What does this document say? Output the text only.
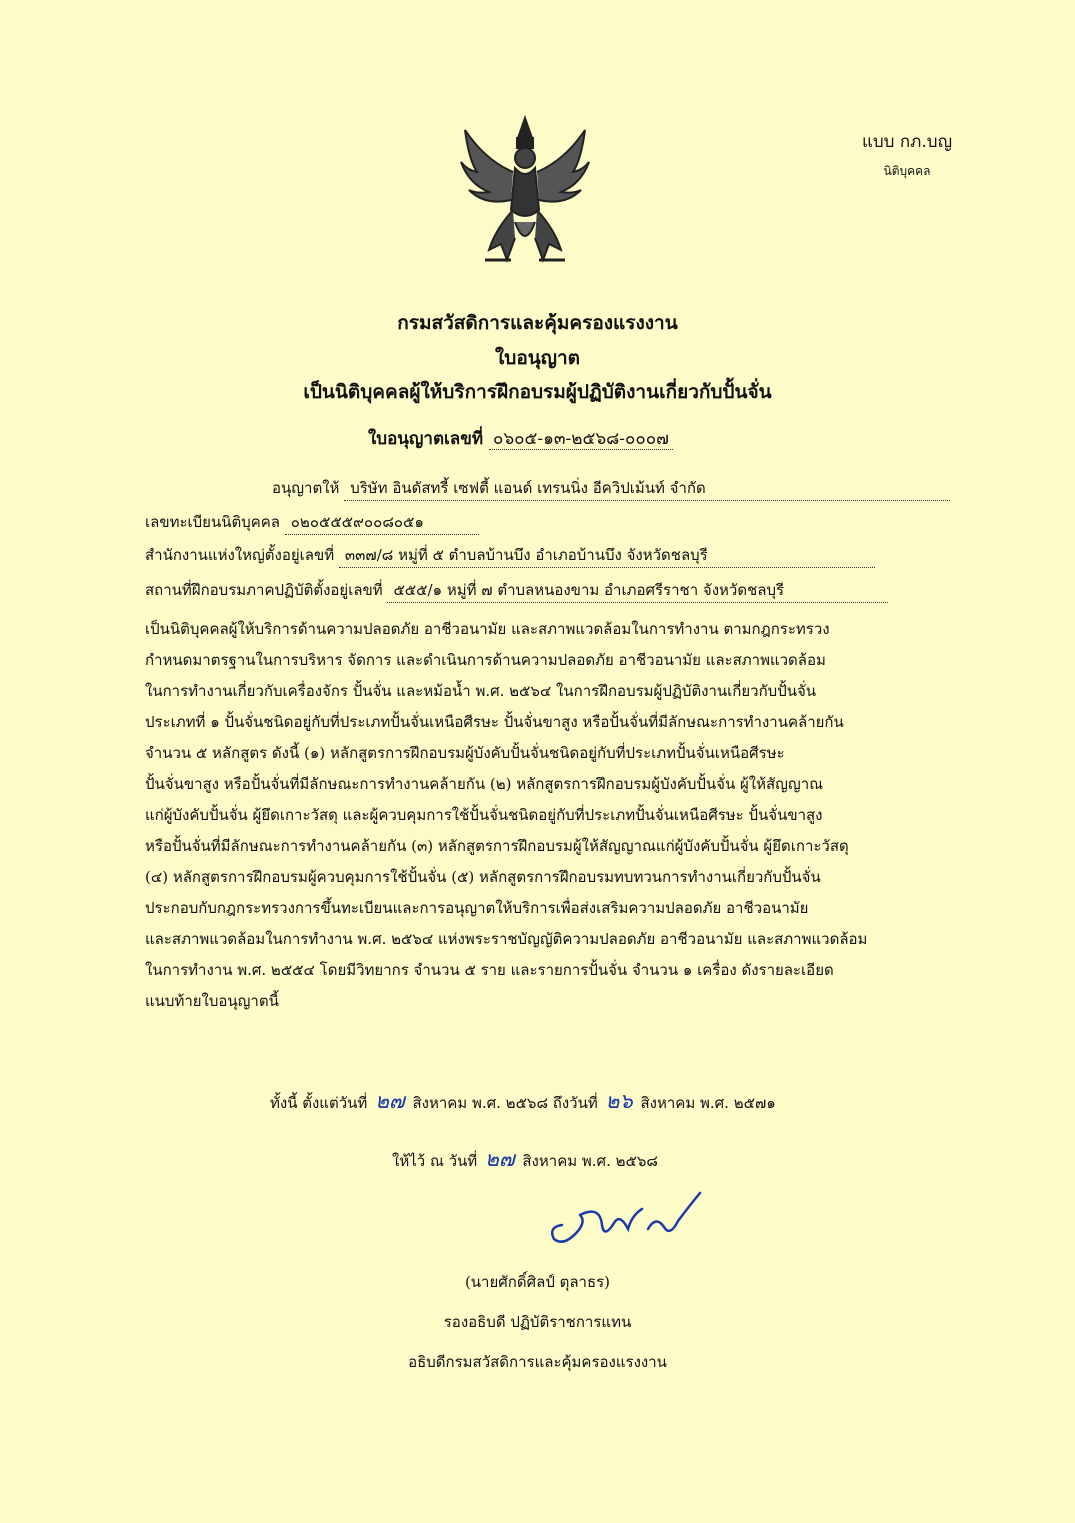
แบบ กภ.บญ
นิติบุคคล
กรมสวัสดิการและคุ้มครองแรงงาน
ใบอนุญาต
เป็นนิติบุคคลผู้ให้บริการฝึกอบรมผู้ปฏิบัติงานเกี่ยวกับปั้นจั่น
ใบอนุญาตเลขที่ ๐๖๐๕-๑๓-๒๕๖๘-๐๐๐๗
อนุญาตให้ บริษัท อินดัสทรี้ เซฟตี้ แอนด์ เทรนนิ่ง อีควิปเม้นท์ จำกัด
เลขทะเบียนนิติบุคคล ๐๒๐๕๕๕๙๐๐๘๐๕๑
สำนักงานแห่งใหญ่ตั้งอยู่เลขที่ ๓๓๗/๘ หมู่ที่ ๕ ตำบลบ้านบึง อำเภอบ้านบึง จังหวัดชลบุรี
สถานที่ฝึกอบรมภาคปฏิบัติตั้งอยู่เลขที่ ๕๕๕/๑ หมู่ที่ ๗ ตำบลหนองขาม อำเภอศรีราชา จังหวัดชลบุรี
เป็นนิติบุคคลผู้ให้บริการด้านความปลอดภัย อาชีวอนามัย และสภาพแวดล้อมในการทำงาน ตามกฎกระทรวง
กำหนดมาตรฐานในการบริหาร จัดการ และดำเนินการด้านความปลอดภัย อาชีวอนามัย และสภาพแวดล้อม
ในการทำงานเกี่ยวกับเครื่องจักร ปั้นจั่น และหม้อน้ำ พ.ศ. ๒๕๖๔ ในการฝึกอบรมผู้ปฏิบัติงานเกี่ยวกับปั้นจั่น
ประเภทที่ ๑ ปั้นจั่นชนิดอยู่กับที่ประเภทปั้นจั่นเหนือศีรษะ ปั้นจั่นขาสูง หรือปั้นจั่นที่มีลักษณะการทำงานคล้ายกัน
จำนวน ๕ หลักสูตร ดังนี้ (๑) หลักสูตรการฝึกอบรมผู้บังคับปั้นจั่นชนิดอยู่กับที่ประเภทปั้นจั่นเหนือศีรษะ
ปั้นจั่นขาสูง หรือปั้นจั่นที่มีลักษณะการทำงานคล้ายกัน (๒) หลักสูตรการฝึกอบรมผู้บังคับปั้นจั่น ผู้ให้สัญญาณ
แก่ผู้บังคับปั้นจั่น ผู้ยึดเกาะวัสดุ และผู้ควบคุมการใช้ปั้นจั่นชนิดอยู่กับที่ประเภทปั้นจั่นเหนือศีรษะ ปั้นจั่นขาสูง
หรือปั้นจั่นที่มีลักษณะการทำงานคล้ายกัน (๓) หลักสูตรการฝึกอบรมผู้ให้สัญญาณแก่ผู้บังคับปั้นจั่น ผู้ยึดเกาะวัสดุ
(๔) หลักสูตรการฝึกอบรมผู้ควบคุมการใช้ปั้นจั่น (๕) หลักสูตรการฝึกอบรมทบทวนการทำงานเกี่ยวกับปั้นจั่น
ประกอบกับกฎกระทรวงการขึ้นทะเบียนและการอนุญาตให้บริการเพื่อส่งเสริมความปลอดภัย อาชีวอนามัย
และสภาพแวดล้อมในการทำงาน พ.ศ. ๒๕๖๔ แห่งพระราชบัญญัติความปลอดภัย อาชีวอนามัย และสภาพแวดล้อม
ในการทำงาน พ.ศ. ๒๕๕๔ โดยมีวิทยากร จำนวน ๕ ราย และรายการปั้นจั่น จำนวน ๑ เครื่อง ดังรายละเอียด
แนบท้ายใบอนุญาตนี้
ทั้งนี้ ตั้งแต่วันที่ ๒๗ สิงหาคม พ.ศ. ๒๕๖๘ ถึงวันที่ ๒๖ สิงหาคม พ.ศ. ๒๕๗๑
ให้ไว้ ณ วันที่ ๒๗ สิงหาคม พ.ศ. ๒๕๖๘
(นายศักดิ์ศิลป์ ตุลาธร)
รองอธิบดี ปฏิบัติราชการแทน
อธิบดีกรมสวัสดิการและคุ้มครองแรงงาน
